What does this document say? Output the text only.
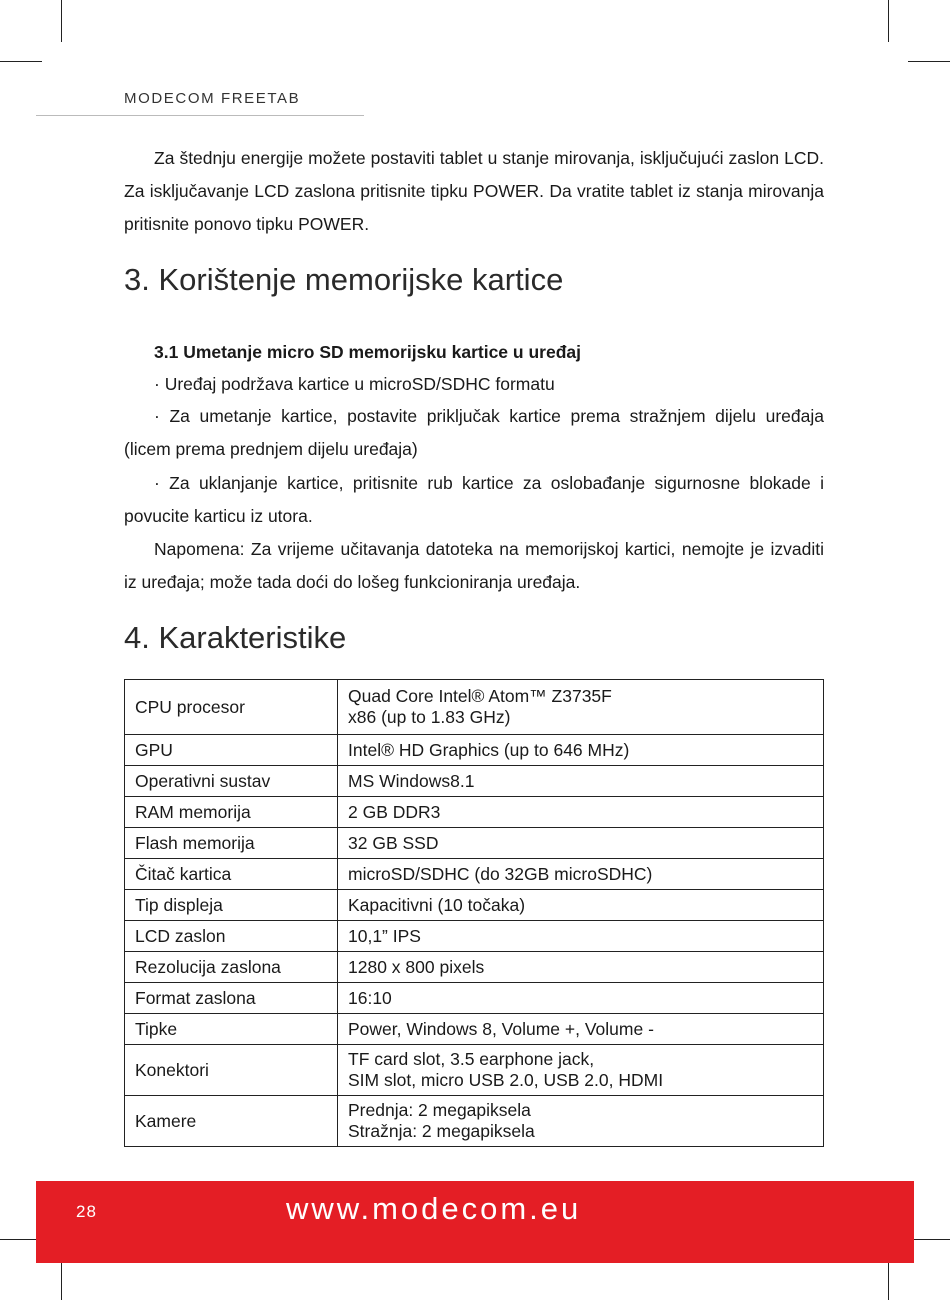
MODECOM FREETAB

Za štednju energije možete postaviti tablet u stanje mirovanja, isključujući zaslon LCD. Za isključavanje LCD zaslona pritisnite tipku POWER. Da vratite tablet iz stanja mirovanja pritisnite ponovo tipku POWER.

3. Korištenje memorijske kartice
3.1 Umetanje micro SD memorijsku kartice u uređaj

· Uređaj podržava kartice u microSD/SDHC formatu

· Za umetanje kartice, postavite priključak kartice prema stražnjem dijelu uređaja (licem prema prednjem dijelu uređaja)

· Za uklanjanje kartice, pritisnite rub kartice za oslobađanje sigurnosne blokade i povucite karticu iz utora.

Napomena: Za vrijeme učitavanja datoteka na memorijskoj kartici, nemojte je izvaditi iz uređaja; može tada doći do lošeg funkcioniranja uređaja.

4. Karakteristike
CPU procesor	Quad Core Intel® Atom™ Z3735F
x86 (up to 1.83 GHz)

GPU	Intel® HD Graphics (up to 646 MHz)

Operativni sustav	MS Windows8.1

RAM memorija	2 GB DDR3

Flash memorija	32 GB SSD

Čitač kartica	microSD/SDHC (do 32GB microSDHC)

Tip displeja	Kapacitivni (10 točaka)

LCD zaslon	10,1” IPS

Rezolucija zaslona	1280 x 800 pixels

Format zaslona	16:10

Tipke	Power, Windows 8, Volume +, Volume -

Konektori	TF card slot, 3.5 earphone jack,
SIM slot, micro USB 2.0, USB 2.0, HDMI

Kamere	Prednja: 2 megapiksela
Stražnja: 2 megapiksela
28	www.modecom.eu
